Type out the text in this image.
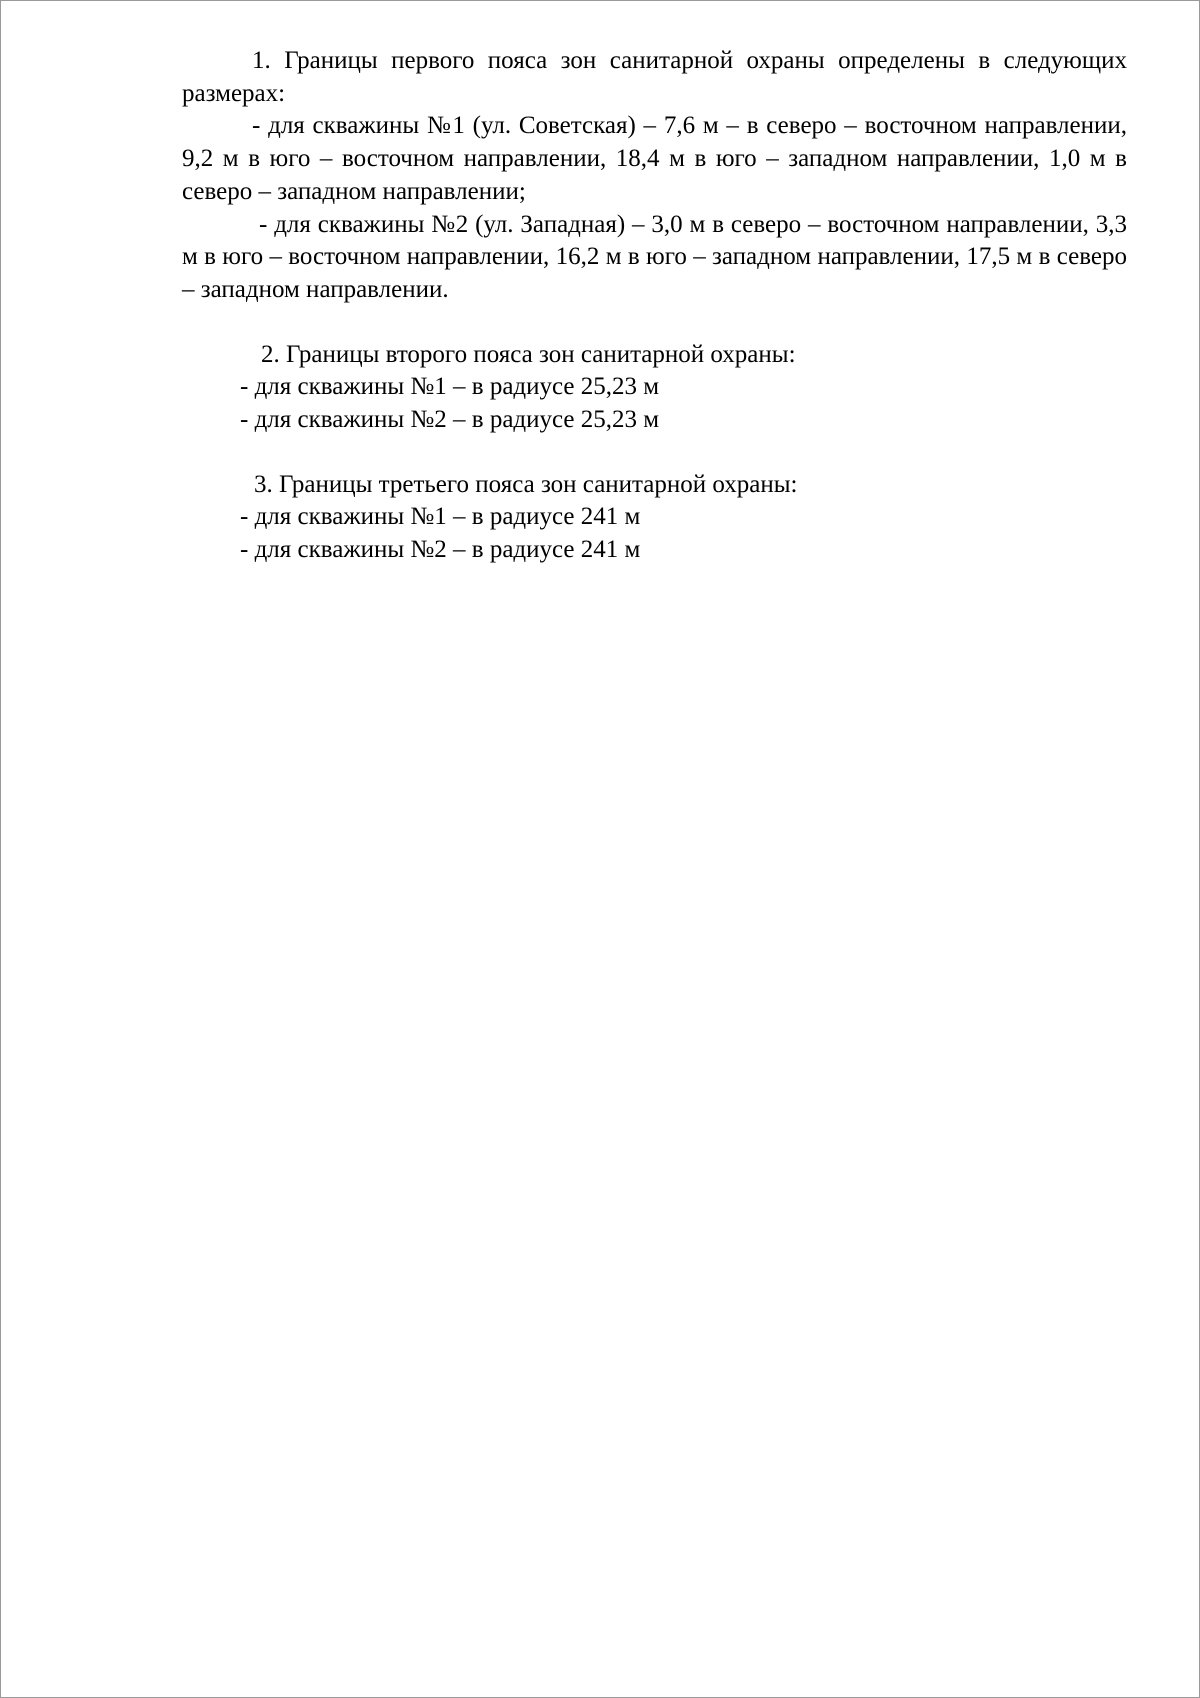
1. Границы первого пояса зон санитарной охраны определены в следующих размерах:

- для скважины №1 (ул. Советская) – 7,6 м – в северо – восточном направлении, 9,2 м в юго – восточном направлении, 18,4 м в юго – западном направлении, 1,0 м в северо – западном направлении;

- для скважины №2 (ул. Западная) – 3,0 м в северо – восточном направлении, 3,3 м в юго – восточном направлении, 16,2 м в юго – западном направлении, 17,5 м в северо – западном направлении.

2. Границы второго пояса зон санитарной охраны:

- для скважины №1 – в радиусе 25,23 м

- для скважины №2 – в радиусе 25,23 м

3. Границы третьего пояса зон санитарной охраны:

- для скважины №1 – в радиусе 241 м

- для скважины №2 – в радиусе 241 м
